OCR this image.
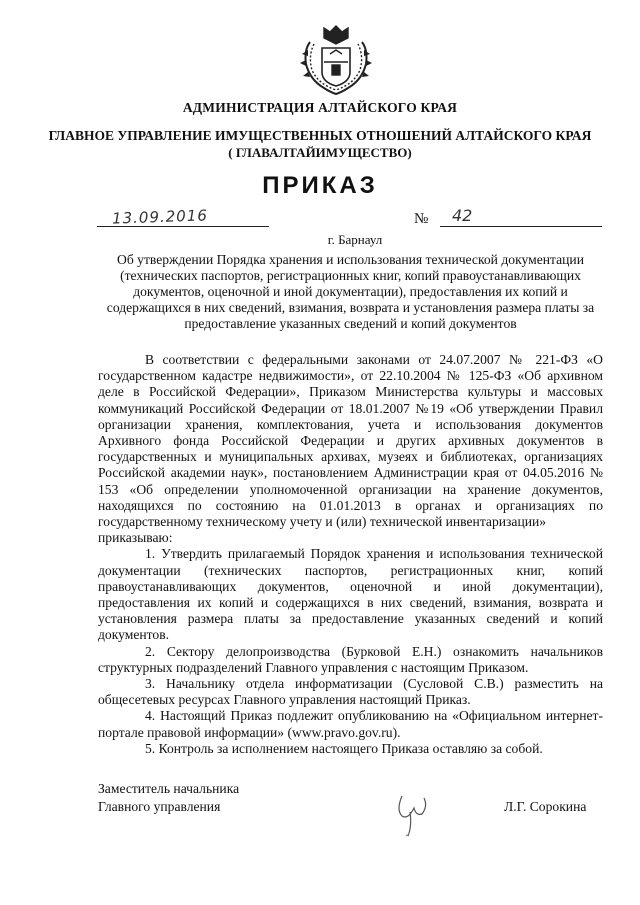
АДМИНИСТРАЦИЯ АЛТАЙСКОГО КРАЯ
ГЛАВНОЕ УПРАВЛЕНИЕ ИМУЩЕСТВЕННЫХ ОТНОШЕНИЙ АЛТАЙСКОГО КРАЯ
( ГЛАВАЛТАЙИМУЩЕСТВО)
ПРИКАЗ
13.09.2016	№ 42
г. Барнаул
Об утверждении Порядка хранения и использования технической документации (технических паспортов, регистрационных книг, копий правоустанавливающих документов, оценочной и иной документации), предоставления их копий и содержащихся в них сведений, взимания, возврата и установления размера платы за предоставление указанных сведений и копий документов

В соответствии с федеральными законами от 24.07.2007 № 221-ФЗ «О государственном кадастре недвижимости», от 22.10.2004 № 125-ФЗ «Об архивном деле в Российской Федерации», Приказом Министерства культуры и массовых коммуникаций Российской Федерации от 18.01.2007 №19 «Об утверждении Правил организации хранения, комплектования, учета и использования документов Архивного фонда Российской Федерации и других архивных документов в государственных и муниципальных архивах, музеях и библиотеках, организациях Российской академии наук», постановлением Администрации края от 04.05.2016 № 153 «Об определении уполномоченной организации на хранение документов, находящихся по состоянию на 01.01.2013 в органах и организациях по государственному техническому учету и (или) технической инвентаризации»

приказываю:

1. Утвердить прилагаемый Порядок хранения и использования технической документации (технических паспортов, регистрационных книг, копий правоустанавливающих документов, оценочной и иной документации), предоставления их копий и содержащихся в них сведений, взимания, возврата и установления размера платы за предоставление указанных сведений и копий документов.

2. Сектору делопроизводства (Бурковой Е.Н.) ознакомить начальников структурных подразделений Главного управления с настоящим Приказом.

3. Начальнику отдела информатизации (Сусловой С.В.) разместить на общесетевых ресурсах Главного управления настоящий Приказ.

4. Настоящий Приказ подлежит опубликованию на «Официальном интернет-портале правовой информации» (www.pravo.gov.ru).

5. Контроль за исполнением настоящего Приказа оставляю за собой.

Заместитель начальника
Главного управления	Л.Г. Сорокина
